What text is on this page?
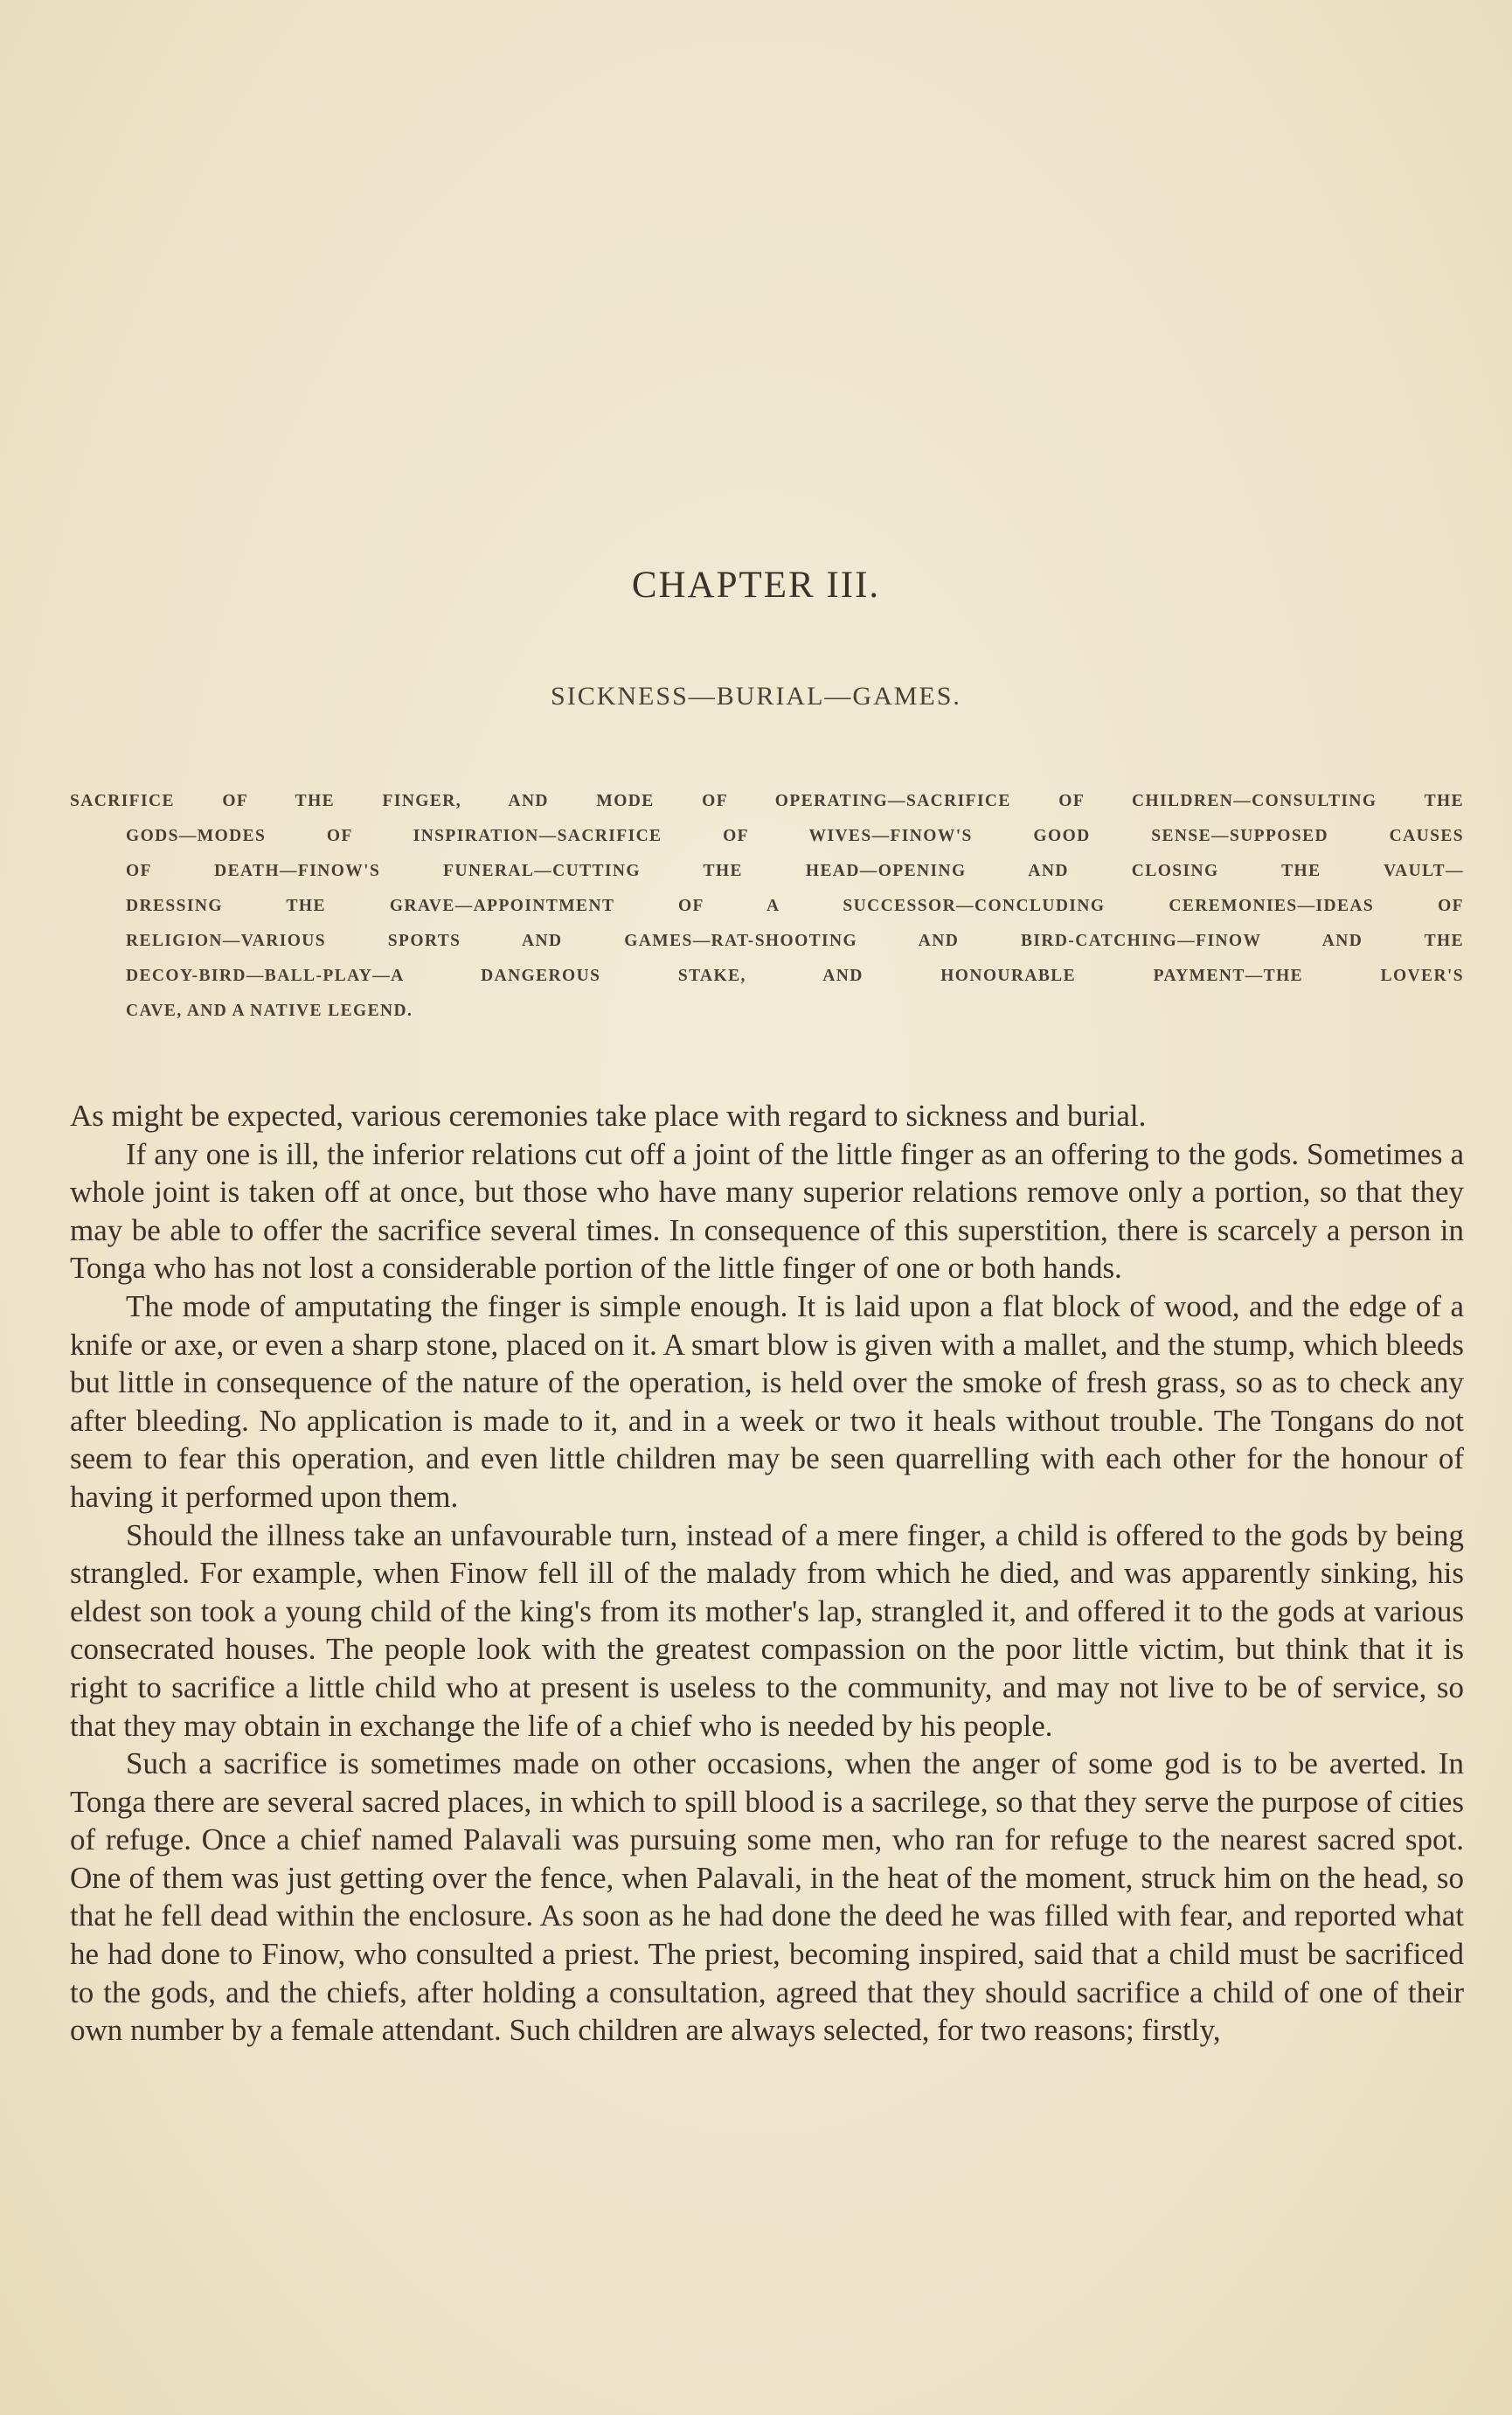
CHAPTER III.
SICKNESS—BURIAL—GAMES.
SACRIFICE OF THE FINGER, AND MODE OF OPERATING—SACRIFICE OF CHILDREN—CONSULTING THE
GODS—MODES OF INSPIRATION—SACRIFICE OF WIVES—FINOW'S GOOD SENSE—SUPPOSED CAUSES
OF DEATH—FINOW'S FUNERAL—CUTTING THE HEAD—OPENING AND CLOSING THE VAULT—
DRESSING THE GRAVE—APPOINTMENT OF A SUCCESSOR—CONCLUDING CEREMONIES—IDEAS OF
RELIGION—VARIOUS SPORTS AND GAMES—RAT-SHOOTING AND BIRD-CATCHING—FINOW AND THE
DECOY-BIRD—BALL-PLAY—A DANGEROUS STAKE, AND HONOURABLE PAYMENT—THE LOVER'S
CAVE, AND A NATIVE LEGEND.

As might be expected, various ceremonies take place with regard to sickness and burial.

If any one is ill, the inferior relations cut off a joint of the little finger as an offering to the gods. Sometimes a whole joint is taken off at once, but those who have many superior relations remove only a portion, so that they may be able to offer the sacrifice several times. In consequence of this superstition, there is scarcely a person in Tonga who has not lost a considerable portion of the little finger of one or both hands.

The mode of amputating the finger is simple enough. It is laid upon a flat block of wood, and the edge of a knife or axe, or even a sharp stone, placed on it. A smart blow is given with a mallet, and the stump, which bleeds but little in consequence of the nature of the operation, is held over the smoke of fresh grass, so as to check any after bleeding. No application is made to it, and in a week or two it heals without trouble. The Tongans do not seem to fear this operation, and even little children may be seen quarrelling with each other for the honour of having it performed upon them.

Should the illness take an unfavourable turn, instead of a mere finger, a child is offered to the gods by being strangled. For example, when Finow fell ill of the malady from which he died, and was apparently sinking, his eldest son took a young child of the king's from its mother's lap, strangled it, and offered it to the gods at various consecrated houses. The people look with the greatest compassion on the poor little victim, but think that it is right to sacrifice a little child who at present is useless to the community, and may not live to be of service, so that they may obtain in exchange the life of a chief who is needed by his people.

Such a sacrifice is sometimes made on other occasions, when the anger of some god is to be averted. In Tonga there are several sacred places, in which to spill blood is a sacrilege, so that they serve the purpose of cities of refuge. Once a chief named Palavali was pursuing some men, who ran for refuge to the nearest sacred spot. One of them was just getting over the fence, when Palavali, in the heat of the moment, struck him on the head, so that he fell dead within the enclosure. As soon as he had done the deed he was filled with fear, and reported what he had done to Finow, who consulted a priest. The priest, becoming inspired, said that a child must be sacrificed to the gods, and the chiefs, after holding a consultation, agreed that they should sacrifice a child of one of their own number by a female attendant. Such children are always selected, for two reasons; firstly,
